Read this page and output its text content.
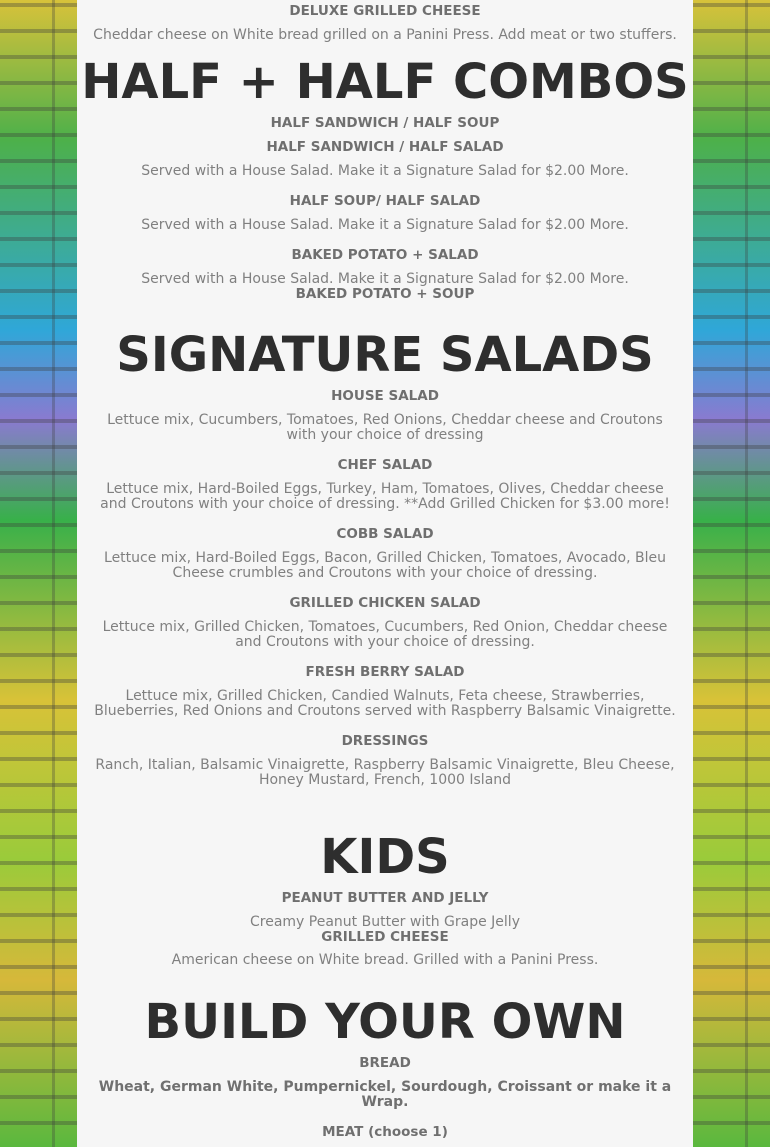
DELUXE GRILLED CHEESE
Cheddar cheese on White bread grilled on a Panini Press. Add meat or two stuffers.
HALF + HALF COMBOS
HALF SANDWICH / HALF SOUP
HALF SANDWICH / HALF SALAD
Served with a House Salad. Make it a Signature Salad for $2.00 More.
HALF SOUP/ HALF SALAD
Served with a House Salad. Make it a Signature Salad for $2.00 More.
BAKED POTATO + SALAD
Served with a House Salad. Make it a Signature Salad for $2.00 More.
BAKED POTATO + SOUP
SIGNATURE SALADS
HOUSE SALAD
Lettuce mix, Cucumbers, Tomatoes, Red Onions, Cheddar cheese and Croutons with your choice of dressing
CHEF SALAD
Lettuce mix, Hard-Boiled Eggs, Turkey, Ham, Tomatoes, Olives, Cheddar cheese and Croutons with your choice of dressing. **Add Grilled Chicken for $3.00 more!
COBB SALAD
Lettuce mix, Hard-Boiled Eggs, Bacon, Grilled Chicken, Tomatoes, Avocado, Bleu Cheese crumbles and Croutons with your choice of dressing.
GRILLED CHICKEN SALAD
Lettuce mix, Grilled Chicken, Tomatoes, Cucumbers, Red Onion, Cheddar cheese and Croutons with your choice of dressing.
FRESH BERRY SALAD
Lettuce mix, Grilled Chicken, Candied Walnuts, Feta cheese, Strawberries, Blueberries, Red Onions and Croutons served with Raspberry Balsamic Vinaigrette.
DRESSINGS
Ranch, Italian, Balsamic Vinaigrette, Raspberry Balsamic Vinaigrette, Bleu Cheese, Honey Mustard, French, 1000 Island
KIDS
PEANUT BUTTER AND JELLY
Creamy Peanut Butter with Grape Jelly
GRILLED CHEESE
American cheese on White bread. Grilled with a Panini Press.
BUILD YOUR OWN
BREAD
Wheat, German White, Pumpernickel, Sourdough, Croissant or make it a Wrap.
MEAT (choose 1)
